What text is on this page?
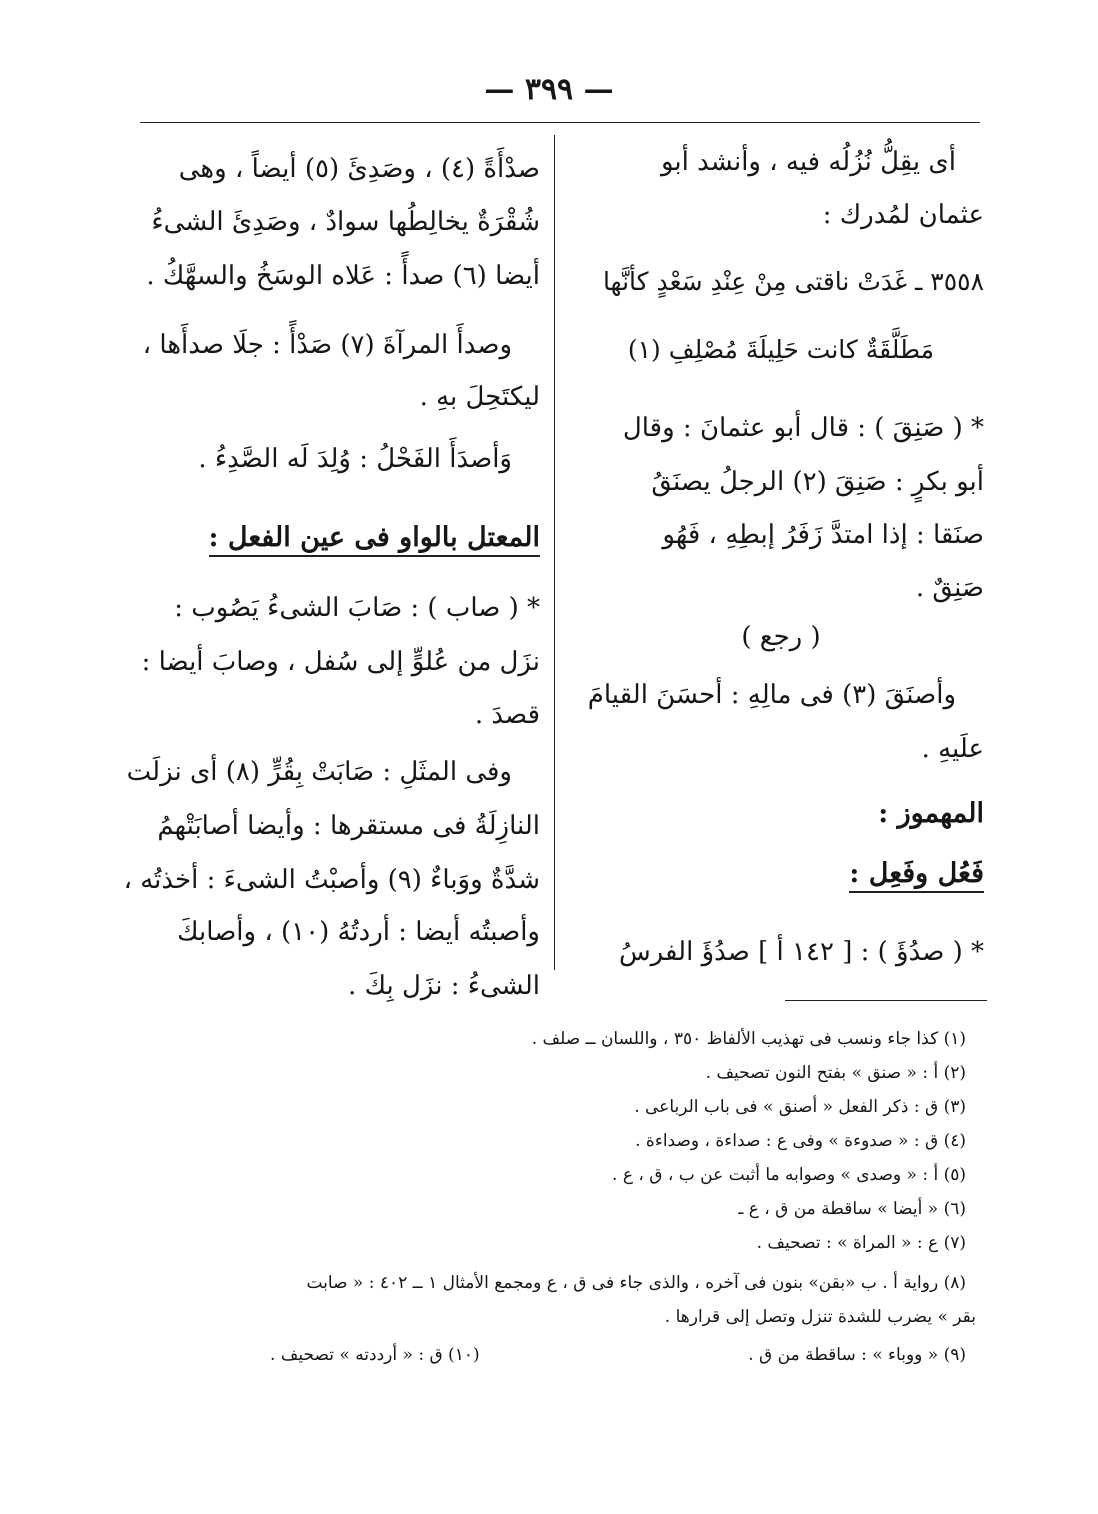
— ٣٩٩ —
أى يقِلُّ نُزُلُه فيه ، وأنشد أبو
عثمان لمُدرك :
٣٥٥٨ ـ غَدَتْ ناقتى مِنْ عِنْدِ سَعْدٍ كأنَّها
مَطَلَّقَةٌ كانت حَلِيلَةَ مُصْلِفِ (١)
* ( صَنِقَ ) : قال أبو عثمانَ : وقال
أبو بكرٍ : صَنِقَ (٢) الرجلُ يصنَقُ
صنَقا : إذا امتدَّ زَفَرُ إبطِهِ ، فَهُو
صَنِقٌ .
( رجع )
وأصنَقَ (٣) فى مالِهِ : أحسَنَ القيامَ
علَيهِ .
المهموز :
فَعُل وفَعِل :
* ( صدُؤَ ) : [ ١٤٢ أ ] صدُؤَ الفرسُ
صدْأَةً (٤) ، وصَدِئَ (٥) أيضاً ، وهى
شُقْرَةٌ يخالِطُها سوادٌ ، وصَدِئَ الشىءُ
أيضا (٦) صدأً : عَلاه الوسَخُ والسهَّكُ .
وصدأَ المرآةَ (٧) صَدْأً : جلَا صدأَها ،
ليكتَحِلَ بهِ .
وَأصدَأَ الفَحْلُ : وُلِدَ لَه الصَّدِءُ .
المعتل بالواو فى عين الفعل :
* ( صاب ) : صَابَ الشىءُ يَصُوب :
نزَل من عُلوٍّ إلى سُفل ، وصابَ أيضا :
قصدَ .
وفى المثَلِ : صَابَتْ بِقُرٍّ (٨) أى نزلَت
النازِلَةُ فى مستقرها : وأيضا أصابَتْهمُ
شدَّةٌ ووَباءٌ (٩) وأصبْتُ الشىءَ : أخذتُه ،
وأصبتُه أيضا : أردتُهُ (١٠) ، وأصابكَ
الشىءُ : نزَل بِكَ .
(١) كذا جاء ونسب فى تهذيب الألفاظ ٣٥٠ ، واللسان ــ صلف .
(٢) أ : « صنق » بفتح النون تصحيف .
(٣) ق : ذكر الفعل « أصنق » فى باب الرباعى .
(٤) ق : « صدوءة » وفى ع : صداءة ، وصداءة .
(٥) أ : « وصدى » وصوابه ما أثبت عن ب ، ق ، ع .
(٦) « أيضا » ساقطة من ق ، ع ـ
(٧) ع : « المراة » : تصحيف .
(٨) رواية أ . ب «بقن» بنون فى آخره ، والذى جاء فى ق ، ع ومجمع الأمثال ١ ــ ٤٠٢ : « صابت
بقر » يضرب للشدة تنزل وتصل إلى قرارها .
(٩) « ووباء » : ساقطة من ق .
(١٠) ق : « أرددته » تصحيف .
